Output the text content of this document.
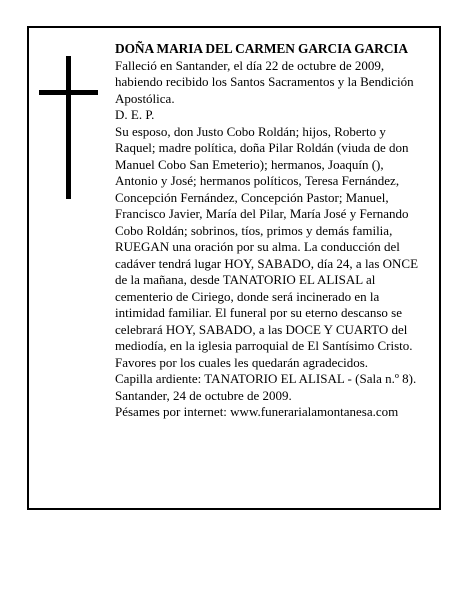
DOÑA MARIA DEL CARMEN GARCIA GARCIA

Falleció en Santander, el día 22 de octubre de 2009, habiendo recibido los Santos Sacramentos y la Bendición Apostólica.

D. E. P.

Su esposo, don Justo Cobo Roldán; hijos, Roberto y Raquel; madre política, doña Pilar Roldán (viuda de don Manuel Cobo San Emeterio); hermanos, Joaquín (), Antonio y José; hermanos políticos, Teresa Fernández, Concepción Fernández, Concepción Pastor; Manuel, Francisco Javier, María del Pilar, María José y Fernando Cobo Roldán; sobrinos, tíos, primos y demás familia,

RUEGAN una oración por su alma. La conducción del cadáver tendrá lugar HOY, SABADO, día 24, a las ONCE de la mañana, desde TANATORIO EL ALISAL al cementerio de Ciriego, donde será incinerado en la intimidad familiar. El funeral por su eterno descanso se celebrará HOY, SABADO, a las DOCE Y CUARTO del mediodía, en la iglesia parroquial de El Santísimo Cristo. Favores por los cuales les quedarán agradecidos.

Capilla ardiente: TANATORIO EL ALISAL - (Sala n.º 8).

Santander, 24 de octubre de 2009.

Pésames por internet: www.funerarialamontanesa.com
